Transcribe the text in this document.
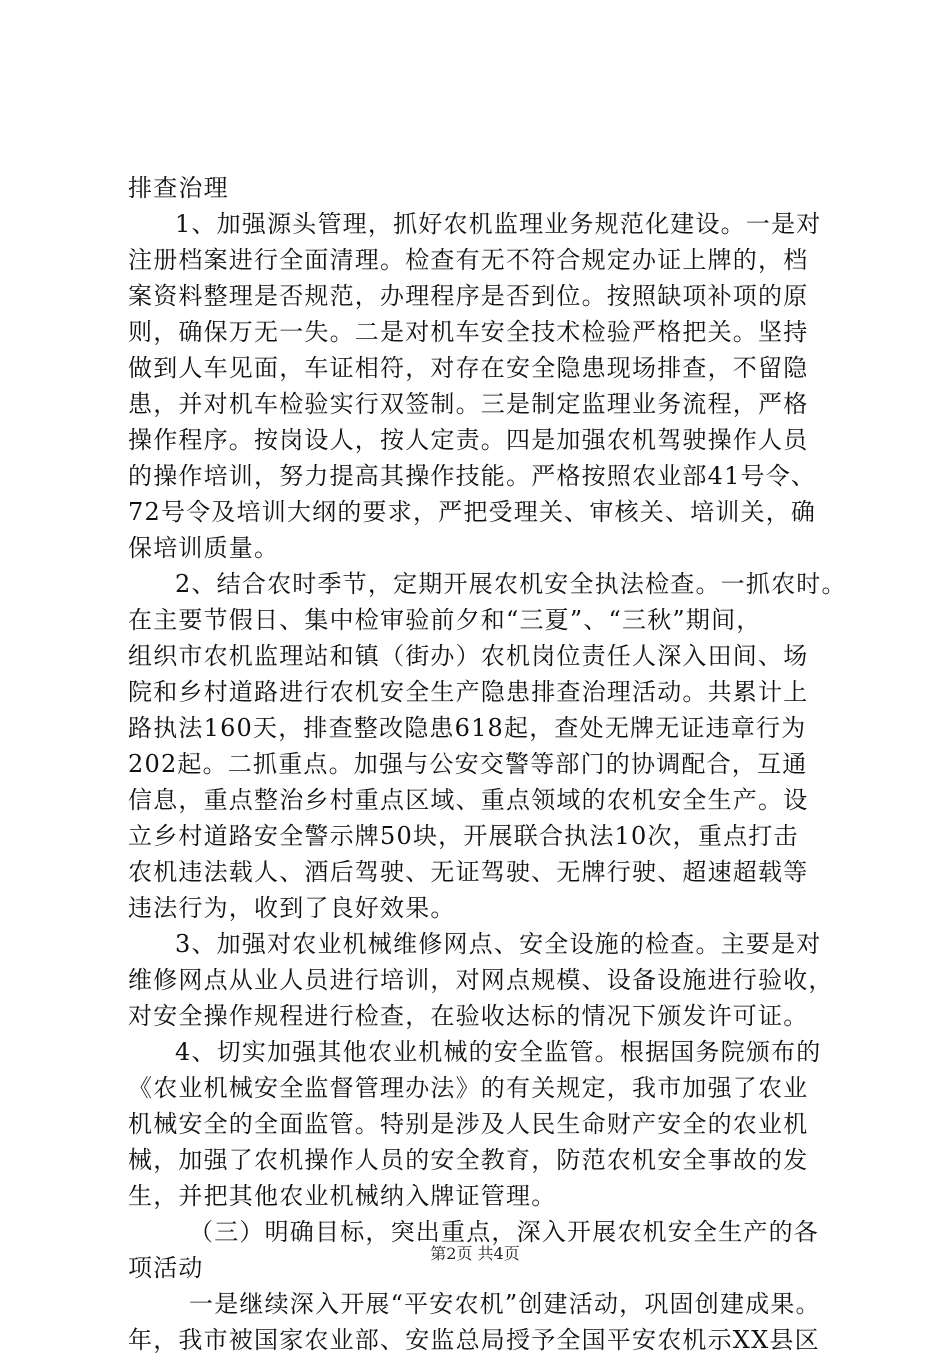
排查治理
1、加强源头管理，抓好农机监理业务规范化建设。一是对
注册档案进行全面清理。检查有无不符合规定办证上牌的，档
案资料整理是否规范，办理程序是否到位。按照缺项补项的原
则，确保万无一失。二是对机车安全技术检验严格把关。坚持
做到人车见面，车证相符，对存在安全隐患现场排查，不留隐
患，并对机车检验实行双签制。三是制定监理业务流程，严格
操作程序。按岗设人，按人定责。四是加强农机驾驶操作人员
的操作培训，努力提高其操作技能。严格按照农业部41号令、
72号令及培训大纲的要求，严把受理关、审核关、培训关，确
保培训质量。
2、结合农时季节，定期开展农机安全执法检查。一抓农时。
在主要节假日、集中检审验前夕和“三夏”、“三秋”期间，
组织市农机监理站和镇（街办）农机岗位责任人深入田间、场
院和乡村道路进行农机安全生产隐患排查治理活动。共累计上
路执法160天，排查整改隐患618起，查处无牌无证违章行为
202起。二抓重点。加强与公安交警等部门的协调配合，互通
信息，重点整治乡村重点区域、重点领域的农机安全生产。设
立乡村道路安全警示牌50块，开展联合执法10次，重点打击
农机违法载人、酒后驾驶、无证驾驶、无牌行驶、超速超载等
违法行为，收到了良好效果。
3、加强对农业机械维修网点、安全设施的检查。主要是对
维修网点从业人员进行培训，对网点规模、设备设施进行验收，
对安全操作规程进行检查，在验收达标的情况下颁发许可证。
4、切实加强其他农业机械的安全监管。根据国务院颁布的
《农业机械安全监督管理办法》的有关规定，我市加强了农业
机械安全的全面监管。特别是涉及人民生命财产安全的农业机
械，加强了农机操作人员的安全教育，防范农机安全事故的发
生，并把其他农业机械纳入牌证管理。
（三）明确目标，突出重点，深入开展农机安全生产的各
项活动
一是继续深入开展“平安农机”创建活动，巩固创建成果。
年，我市被国家农业部、安监总局授予全国平安农机示XX县区
第2页 共4页
